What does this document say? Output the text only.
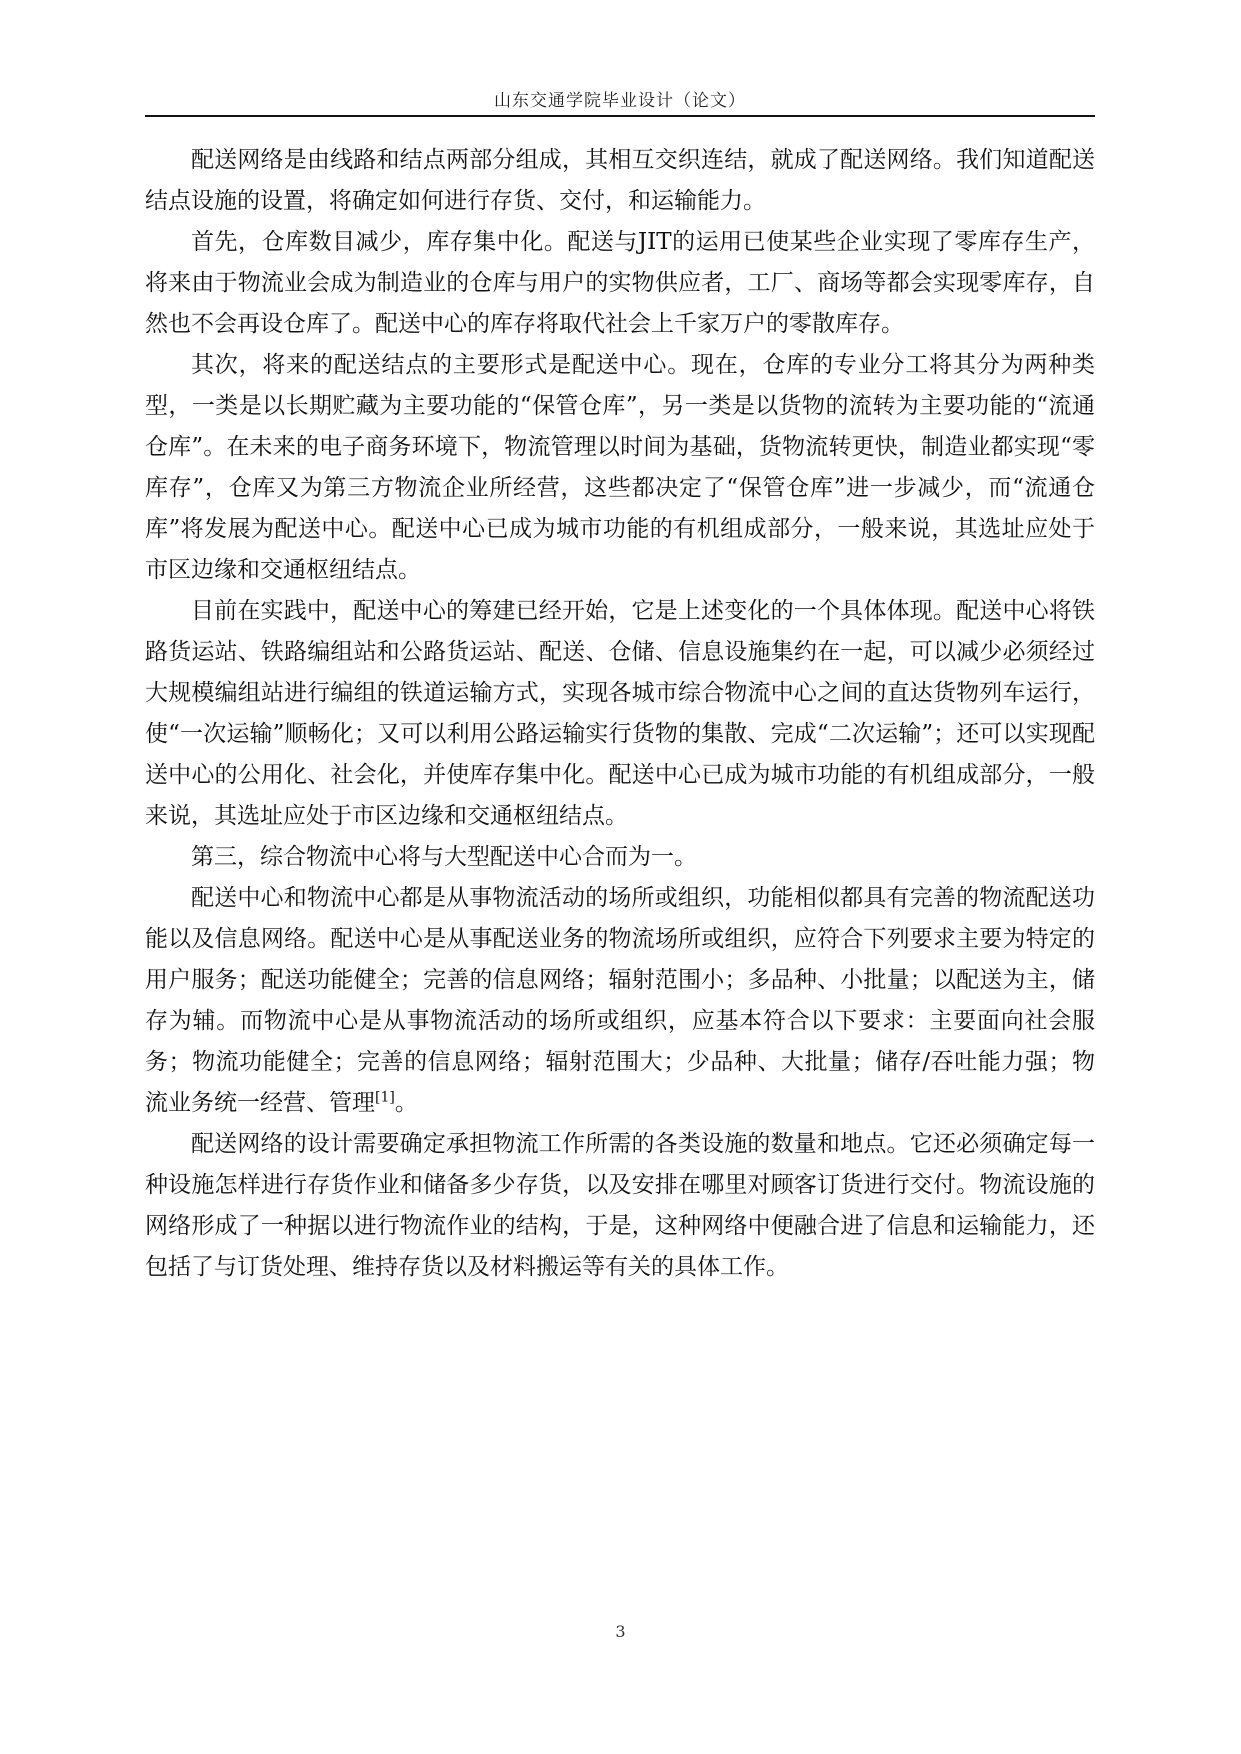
山东交通学院毕业设计（论文）

配送网络是由线路和结点两部分组成，其相互交织连结，就成了配送网络。我们知道配送结点设施的设置，将确定如何进行存货、交付，和运输能力。

首先，仓库数目减少，库存集中化。配送与JIT的运用已使某些企业实现了零库存生产，将来由于物流业会成为制造业的仓库与用户的实物供应者，工厂、商场等都会实现零库存，自然也不会再设仓库了。配送中心的库存将取代社会上千家万户的零散库存。

其次，将来的配送结点的主要形式是配送中心。现在，仓库的专业分工将其分为两种类型，一类是以长期贮藏为主要功能的“保管仓库”，另一类是以货物的流转为主要功能的“流通仓库”。在未来的电子商务环境下，物流管理以时间为基础，货物流转更快，制造业都实现“零库存”，仓库又为第三方物流企业所经营，这些都决定了“保管仓库”进一步减少，而“流通仓库”将发展为配送中心。配送中心已成为城市功能的有机组成部分，一般来说，其选址应处于市区边缘和交通枢纽结点。

目前在实践中，配送中心的筹建已经开始，它是上述变化的一个具体体现。配送中心将铁路货运站、铁路编组站和公路货运站、配送、仓储、信息设施集约在一起，可以减少必须经过大规模编组站进行编组的铁道运输方式，实现各城市综合物流中心之间的直达货物列车运行，使“一次运输”顺畅化；又可以利用公路运输实行货物的集散、完成“二次运输”；还可以实现配送中心的公用化、社会化，并使库存集中化。配送中心已成为城市功能的有机组成部分，一般来说，其选址应处于市区边缘和交通枢纽结点。

第三，综合物流中心将与大型配送中心合而为一。

配送中心和物流中心都是从事物流活动的场所或组织，功能相似都具有完善的物流配送功能以及信息网络。配送中心是从事配送业务的物流场所或组织，应符合下列要求主要为特定的用户服务；配送功能健全；完善的信息网络；辐射范围小；多品种、小批量；以配送为主，储存为辅。而物流中心是从事物流活动的场所或组织，应基本符合以下要求：主要面向社会服务；物流功能健全；完善的信息网络；辐射范围大；少品种、大批量；储存/吞吐能力强；物流业务统一经营、管理[1]。

配送网络的设计需要确定承担物流工作所需的各类设施的数量和地点。它还必须确定每一种设施怎样进行存货作业和储备多少存货，以及安排在哪里对顾客订货进行交付。物流设施的网络形成了一种据以进行物流作业的结构，于是，这种网络中便融合进了信息和运输能力，还包括了与订货处理、维持存货以及材料搬运等有关的具体工作。

3
